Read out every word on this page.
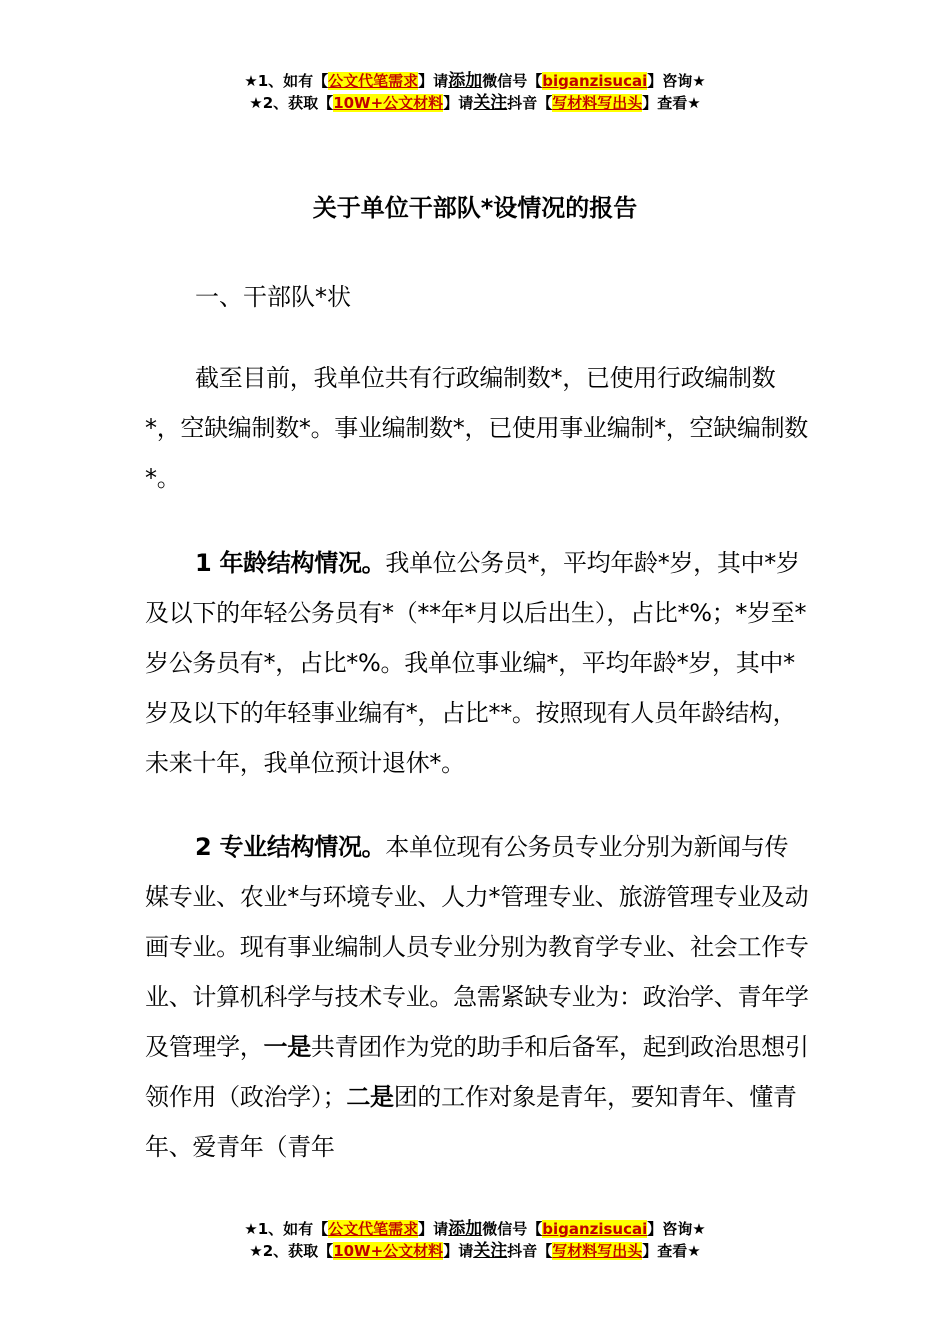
★1、如有【公文代笔需求】请添加微信号【biganzisucai】咨询★
★2、获取【10W+公文材料】请关注抖音【写材料写出头】查看★
关于单位干部队*设情况的报告
一、干部队*状
截至目前，我单位共有行政编制数*，已使用行政编制数*，空缺编制数*。事业编制数*，已使用事业编制*，空缺编制数*。
1 年龄结构情况。我单位公务员*，平均年龄*岁，其中*岁及以下的年轻公务员有*（**年*月以后出生），占比*%；*岁至*岁公务员有*，占比*%。我单位事业编*，平均年龄*岁，其中*岁及以下的年轻事业编有*，占比**。按照现有人员年龄结构，未来十年，我单位预计退休*。
2 专业结构情况。本单位现有公务员专业分别为新闻与传媒专业、农业*与环境专业、人力*管理专业、旅游管理专业及动画专业。现有事业编制人员专业分别为教育学专业、社会工作专业、计算机科学与技术专业。急需紧缺专业为：政治学、青年学及管理学，一是共青团作为党的助手和后备军，起到政治思想引领作用（政治学）；二是团的工作对象是青年，要知青年、懂青年、爱青年（青年
★1、如有【公文代笔需求】请添加微信号【biganzisucai】咨询★
★2、获取【10W+公文材料】请关注抖音【写材料写出头】查看★
